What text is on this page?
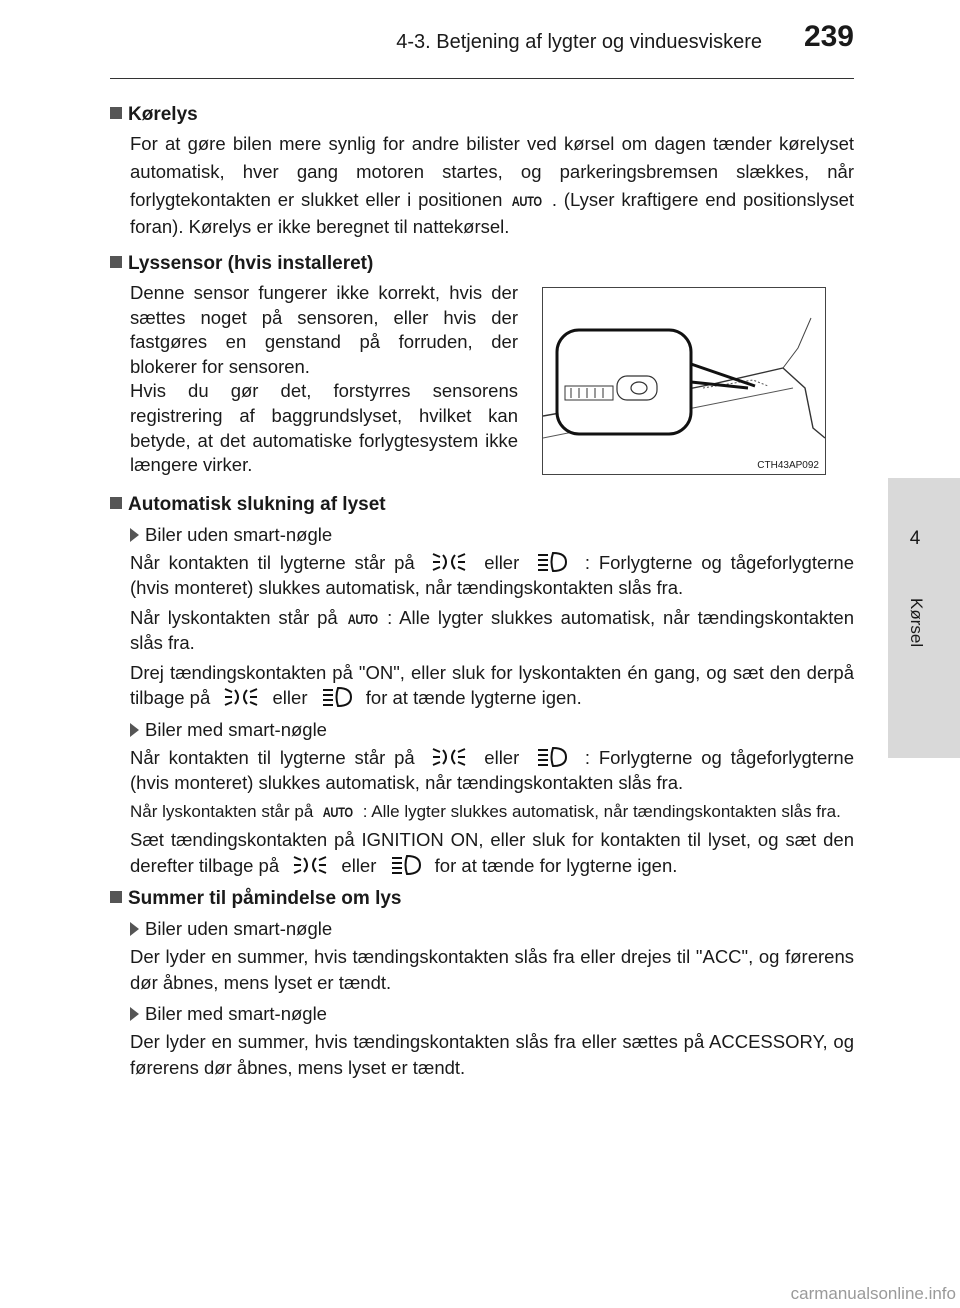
4-3. Betjening af lygter og vinduesviskere 239
4
Kørsel
Kørelys
For at gøre bilen mere synlig for andre bilister ved kørsel om dagen tænder kørelyset automatisk, hver gang motoren startes, og parkeringsbremsen slækkes, når forlygtekontakten er slukket eller i positionen AUTO . (Lyser kraftigere end positionslyset foran). Kørelys er ikke beregnet til nattekørsel.
Lyssensor (hvis installeret)
Denne sensor fungerer ikke korrekt, hvis der sættes noget på sensoren, eller hvis der fastgøres en genstand på forruden, der blokerer for sensoren.
Hvis du gør det, forstyrres sensorens registrering af baggrundslyset, hvilket kan betyde, at det automatiske forlygtesystem ikke længere virker.	CTH43AP092
Automatisk slukning af lyset
Biler uden smart-nøgle
Når kontakten til lygterne står på	eller	: Forlygterne og tågeforlygterne (hvis monteret) slukkes automatisk, når tændingskontakten slås fra.
Når lyskontakten står på AUTO : Alle lygter slukkes automatisk, når tændingskontakten slås fra.
Drej tændingskontakten på "ON", eller sluk for lyskontakten én gang, og sæt den derpå tilbage på	eller	for at tænde lygterne igen.
Biler med smart-nøgle
Når kontakten til lygterne står på	eller	: Forlygterne og tågeforlygterne (hvis monteret) slukkes automatisk, når tændingskontakten slås fra.
Når lyskontakten står på AUTO : Alle lygter slukkes automatisk, når tændingskontakten slås fra.
Sæt tændingskontakten på IGNITION ON, eller sluk for kontakten til lyset, og sæt den derefter tilbage på	eller	for at tænde for lygterne igen.
Summer til påmindelse om lys
Biler uden smart-nøgle
Der lyder en summer, hvis tændingskontakten slås fra eller drejes til "ACC", og førerens dør åbnes, mens lyset er tændt.
Biler med smart-nøgle
Der lyder en summer, hvis tændingskontakten slås fra eller sættes på ACCESSORY, og førerens dør åbnes, mens lyset er tændt.
carmanualsonline.info
